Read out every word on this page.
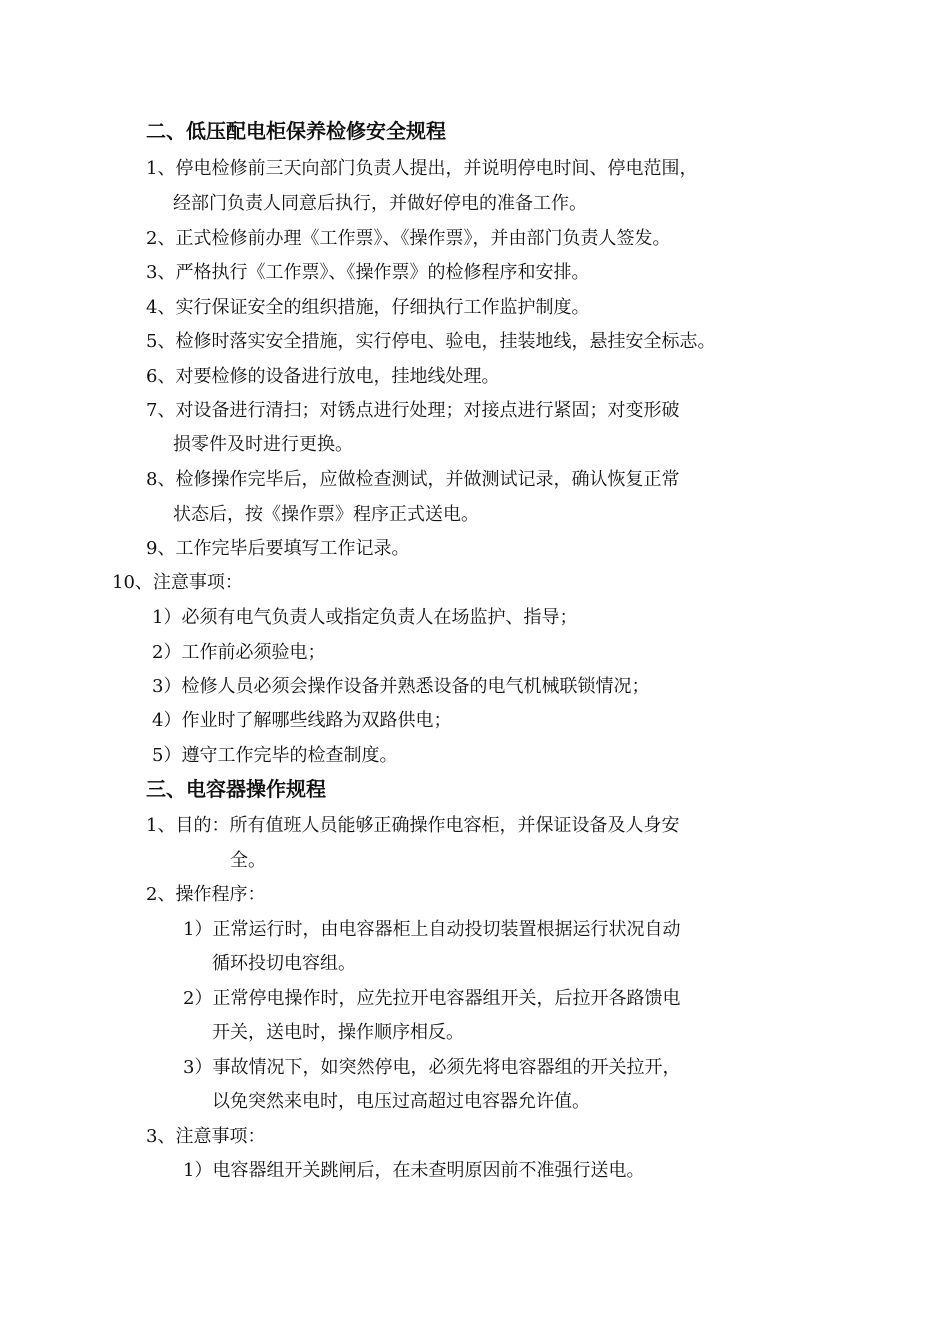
二、低压配电柜保养检修安全规程
1、停电检修前三天向部门负责人提出，并说明停电时间、停电范围，
经部门负责人同意后执行，并做好停电的准备工作。
2、正式检修前办理《工作票》、《操作票》，并由部门负责人签发。
3、严格执行《工作票》、《操作票》的检修程序和安排。
4、实行保证安全的组织措施，仔细执行工作监护制度。
5、检修时落实安全措施，实行停电、验电，挂装地线，悬挂安全标志。
6、对要检修的设备进行放电，挂地线处理。
7、对设备进行清扫；对锈点进行处理；对接点进行紧固；对变形破
损零件及时进行更换。
8、检修操作完毕后，应做检查测试，并做测试记录，确认恢复正常
状态后，按《操作票》程序正式送电。
9、工作完毕后要填写工作记录。
10、注意事项：
1）必须有电气负责人或指定负责人在场监护、指导；
2）工作前必须验电；
3）检修人员必须会操作设备并熟悉设备的电气机械联锁情况；
4）作业时了解哪些线路为双路供电；
5）遵守工作完毕的检查制度。
三、电容器操作规程
1、目的：所有值班人员能够正确操作电容柜，并保证设备及人身安
全。
2、操作程序：
1）正常运行时，由电容器柜上自动投切装置根据运行状况自动
循环投切电容组。
2）正常停电操作时，应先拉开电容器组开关，后拉开各路馈电
开关，送电时，操作顺序相反。
3）事故情况下，如突然停电，必须先将电容器组的开关拉开，
以免突然来电时，电压过高超过电容器允许值。
3、注意事项：
1）电容器组开关跳闸后，在未查明原因前不准强行送电。
